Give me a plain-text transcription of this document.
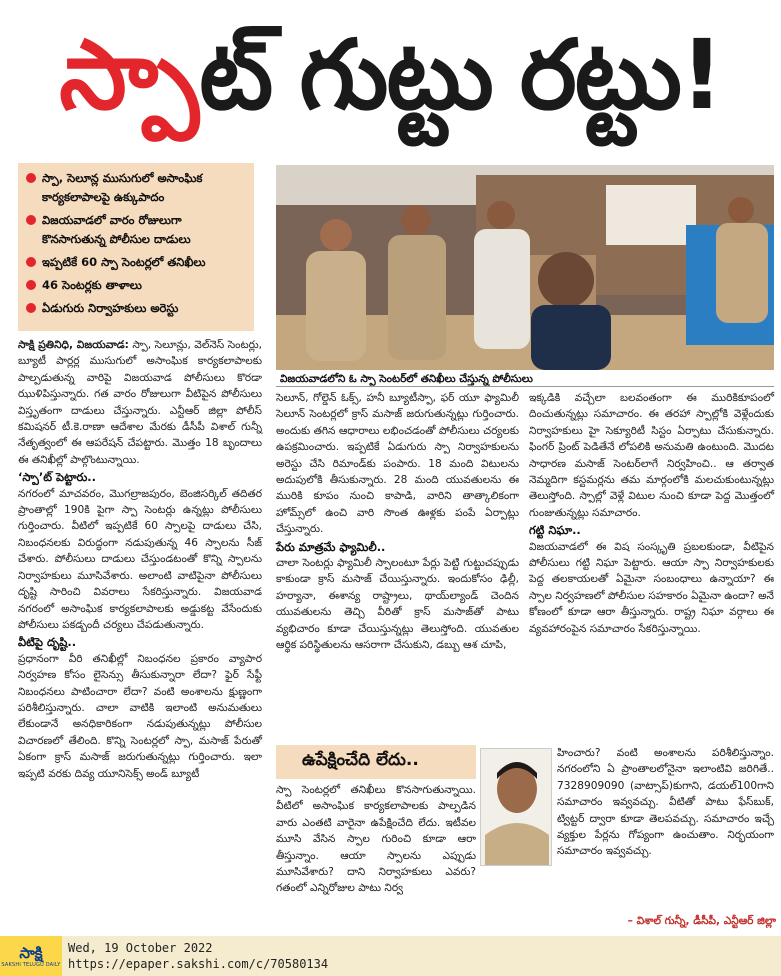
స్పా ట్ గుట్టు రట్టు!
స్పా, సెలూన్ల ముసుగులో అసాంఘిక కార్యకలాపాలపై ఉక్కుపాదం
విజయవాడలో వారం రోజులుగా కొనసాగుతున్న పోలీసుల దాడులు
ఇప్పటికే 60 స్పా సెంటర్లలో తనిఖీలు
46 సెంటర్లకు తాళాలు
ఏడుగురు నిర్వాహకులు అరెస్టు
విజయవాడలోని ఓ స్పా సెంటర్‌లో తనిఖీలు చేస్తున్న పోలీసులు

సాక్షి ప్రతినిధి, విజయవాడ: స్పా, సెలూన్లు, వెల్‌నెస్‌ సెంటర్లు, బ్యూటీ పార్లర్ల ముసుగులో అసాంఘిక కార్యకలాపాలకు పాల్పడుతున్న వారిపై విజయవాడ పోలీసులు కొరడా ఝుళిపిస్తున్నారు. గత వారం రోజులుగా వీటిపైన పోలీసులు విస్తృతంగా దాడులు చేస్తున్నారు. ఎన్టీఆర్‌ జిల్లా పోలీస్‌ కమిషనర్‌ టీ.కె.రాణా ఆదేశాల మేరకు డీసీపీ విశాల్‌ గున్నీ నేతృత్వంలో ఈ ఆపరేషన్‌ చేపట్టారు. మొత్తం 18 బృందాలు ఈ తనిఖీల్లో పాల్గొంటున్నాయి.

‘స్పా’ట్‌ పెట్టారు..

నగరంలో మాచవరం, మొగల్రాజపురం, బెంజిసర్కిల్‌ తదితర ప్రాంతాల్లో 190కి పైగా స్పా సెంటర్లు ఉన్నట్లు పోలీసులు గుర్తించారు. వీటిలో ఇప్పటికే 60 స్పాలపై దాడులు చేసి, నిబంధనలకు విరుద్ధంగా నడుపుతున్న 46 స్పాలను సీజ్‌ చేశారు. పోలీసులు దాడులు చేస్తుండటంతో కొన్ని స్పాలను నిర్వాహకులు మూసివేశారు. అలాంటి వాటిపైనా పోలీసులు దృష్టి సారించి వివరాలు సేకరిస్తున్నారు. విజయవాడ నగరంలో అసాంఘిక కార్యకలాపాలకు అడ్డుకట్ట వేసేందుకు పోలీసులు పకడ్బందీ చర్యలు చేపడుతున్నారు.

వీటిపై దృష్టి..

ప్రధానంగా వీరి తనిఖీల్లో నిబంధనల ప్రకారం వ్యాపార నిర్వహణ కోసం లైసెన్సు తీసుకున్నారా లేదా? ఫైర్‌ సేఫ్టీ నిబంధనలు పాటించారా లేదా? వంటి అంశాలను క్షుణ్ణంగా పరిశీలిస్తున్నారు. చాలా వాటికి ఇలాంటి అనుమతులు లేకుండానే అనధికారికంగా నడుపుతున్నట్లు పోలీసుల విచారణలో తేలింది. కొన్ని సెంటర్లలో స్పా, మసాజ్‌ పేరుతో ఏకంగా క్రాస్‌ మసాజ్‌ జరుగుతున్నట్లు గుర్తించారు. ఇలా ఇప్పటి వరకు దివ్య యూనిసెక్స్‌ అండ్‌ బ్యూటీ

సెలూన్, గోల్డెన్‌ ఓక్స్, హనీ బ్యూటీస్పా, ఫర్‌ యూ ఫ్యామిలీ సెలూన్‌ సెంటర్లలో క్రాస్‌ మసాజ్‌ జరుగుతున్నట్లు గుర్తించారు. అందుకు తగిన ఆధారాలు లభించడంతో పోలీసులు చర్యలకు ఉపక్రమించారు. ఇప్పటికే ఏడుగురు స్పా నిర్వాహకులను అరెస్టు చేసి రిమాండ్‌కు పంపారు. 18 మంది విటులను అదుపులోకి తీసుకున్నారు. 28 మంది యువతులను ఈ మురికి కూపం నుంచి కాపాడి, వారిని తాత్కాలికంగా హోమ్స్‌లో ఉంచి వారి సొంత ఊళ్లకు పంపే ఏర్పాట్లు చేస్తున్నారు.

పేరు మాత్రమే ఫ్యామిలీ..

చాలా సెంటర్లు ఫ్యామిలీ స్పాలంటూ పేర్లు పెట్టి గుట్టుచప్పుడు కాకుండా క్రాస్‌ మసాజ్‌ చేయిస్తున్నారు. ఇందుకోసం ఢిల్లీ, హర్యానా, ఈశాన్య రాష్ట్రాలు, థాయ్‌ల్యాండ్‌ చెందిన యువతులను తెచ్చి వీరితో క్రాస్‌ మసాజ్‌తో పాటు వ్యభిచారం కూడా చేయిస్తున్నట్లు తెలుస్తోంది. యువతుల ఆర్థిక పరిస్థితులను ఆసరాగా చేసుకుని, డబ్బు ఆశ చూపి,

ఇక్కడికి వచ్చేలా బలవంతంగా ఈ మురికికూపంలో దించుతున్నట్లు సమాచారం. ఈ తరహా స్పాల్లోకి వెళ్లేందుకు నిర్వాహకులు హై సెక్యూరిటీ సిస్టం ఏర్పాటు చేసుకున్నారు. ఫింగర్‌ ప్రింట్‌ పెడితేనే లోపలికి అనుమతి ఉంటుంది. మొదట సాధారణ మసాజ్‌ సెంటర్‌లాగే నిర్వహించి.. ఆ తర్వాత నెమ్మదిగా కస్టమర్లను తమ మార్గంలోకి మలచుకుంటున్నట్లు తెలుస్తోంది. స్పాల్లో వెళ్లే విటుల నుంచి కూడా పెద్ద మొత్తంలో గుంజుతున్నట్లు సమాచారం.

గట్టి నిఘా..

విజయవాడలో ఈ విష సంస్కృతి ప్రబలకుండా, వీటిపైన పోలీసులు గట్టి నిఘా పెట్టారు. ఆయా స్పా నిర్వాహకులకు పెద్ద తలకాయలతో ఏమైనా సంబంధాలు ఉన్నాయా? ఈ స్పాల నిర్వహణలో పోలీసుల సహకారం ఏమైనా ఉందా? అనే కోణంలో కూడా ఆరా తీస్తున్నారు. రాష్ట్ర నిఘా వర్గాలు ఈ వ్యవహారంపైన సమాచారం సేకరిస్తున్నాయి.

ఉపేక్షించేది లేదు..
స్పా సెంటర్లలో తనిఖీలు కొనసాగుతున్నాయి. వీటిలో అసాంఘిక కార్యకలాపాలకు పాల్పడిన వారు ఎంతటి వారైనా ఉపేక్షించేది లేదు. ఇటీవల మూసి వేసిన స్పాల గురించి కూడా ఆరా తీస్తున్నాం. ఆయా స్పాలను ఎప్పుడు మూసివేశారు? దాని నిర్వాహకులు ఎవరు? గతంలో ఎన్నిరోజుల పాటు నిర్వ
హించారు? వంటి అంశాలను పరిశీలిస్తున్నాం. నగరంలోని ఏ ప్రాంతాలలోనైనా ఇలాంటివి జరిగితే.. 7328909090 (వాట్సాప్‌)కుగాని, డయల్‌100గాని సమాచారం ఇవ్వవచ్చు. వీటితో పాటు ఫేస్‌బుక్, ట్విట్టర్‌ ద్వారా కూడా తెలపవచ్చు. సమాచారం ఇచ్చే వ్యక్తుల పేర్లను గోప్యంగా ఉంచుతాం. నిర్భయంగా సమాచారం ఇవ్వవచ్చు.
– విశాల్‌ గున్నీ, డీసీపీ, ఎన్టీఆర్‌ జిల్లా
సాక్షి
SAKSHI TELUGU DAILY
Wed, 19 October 2022
https://epaper.sakshi.com/c/70580134
